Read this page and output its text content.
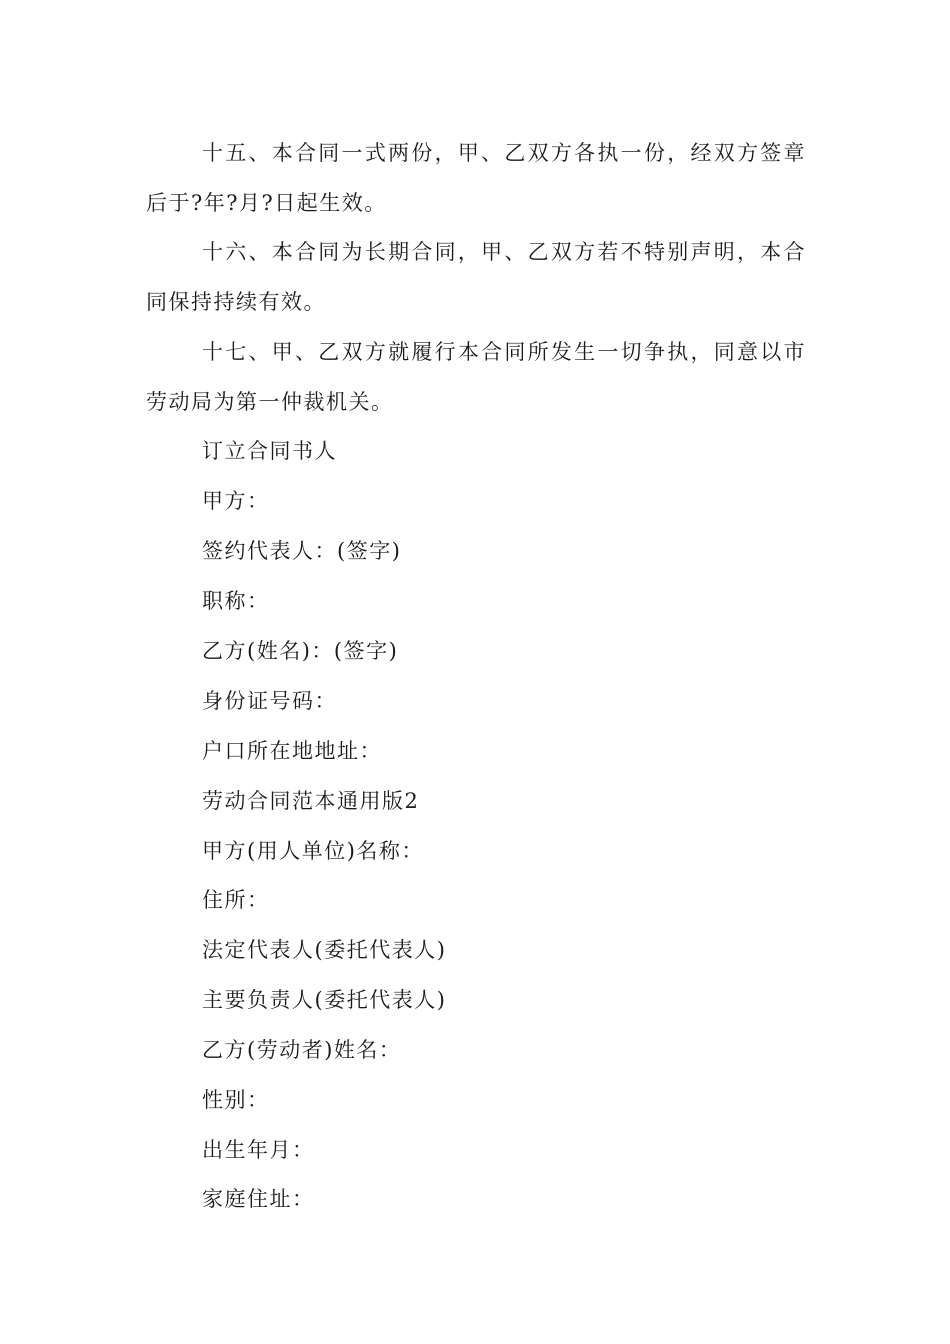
十五、本合同一式两份，甲、乙双方各执一份，经双方签章后于?年?月?日起生效。

十六、本合同为长期合同，甲、乙双方若不特别声明，本合同保持持续有效。

十七、甲、乙双方就履行本合同所发生一切争执，同意以市劳动局为第一仲裁机关。

订立合同书人

甲方：

签约代表人：(签字)

职称：

乙方(姓名)：(签字)

身份证号码：

户口所在地地址：

劳动合同范本通用版2

甲方(用人单位)名称：

住所：

法定代表人(委托代表人)

主要负责人(委托代表人)

乙方(劳动者)姓名：

性别：

出生年月：

家庭住址：
